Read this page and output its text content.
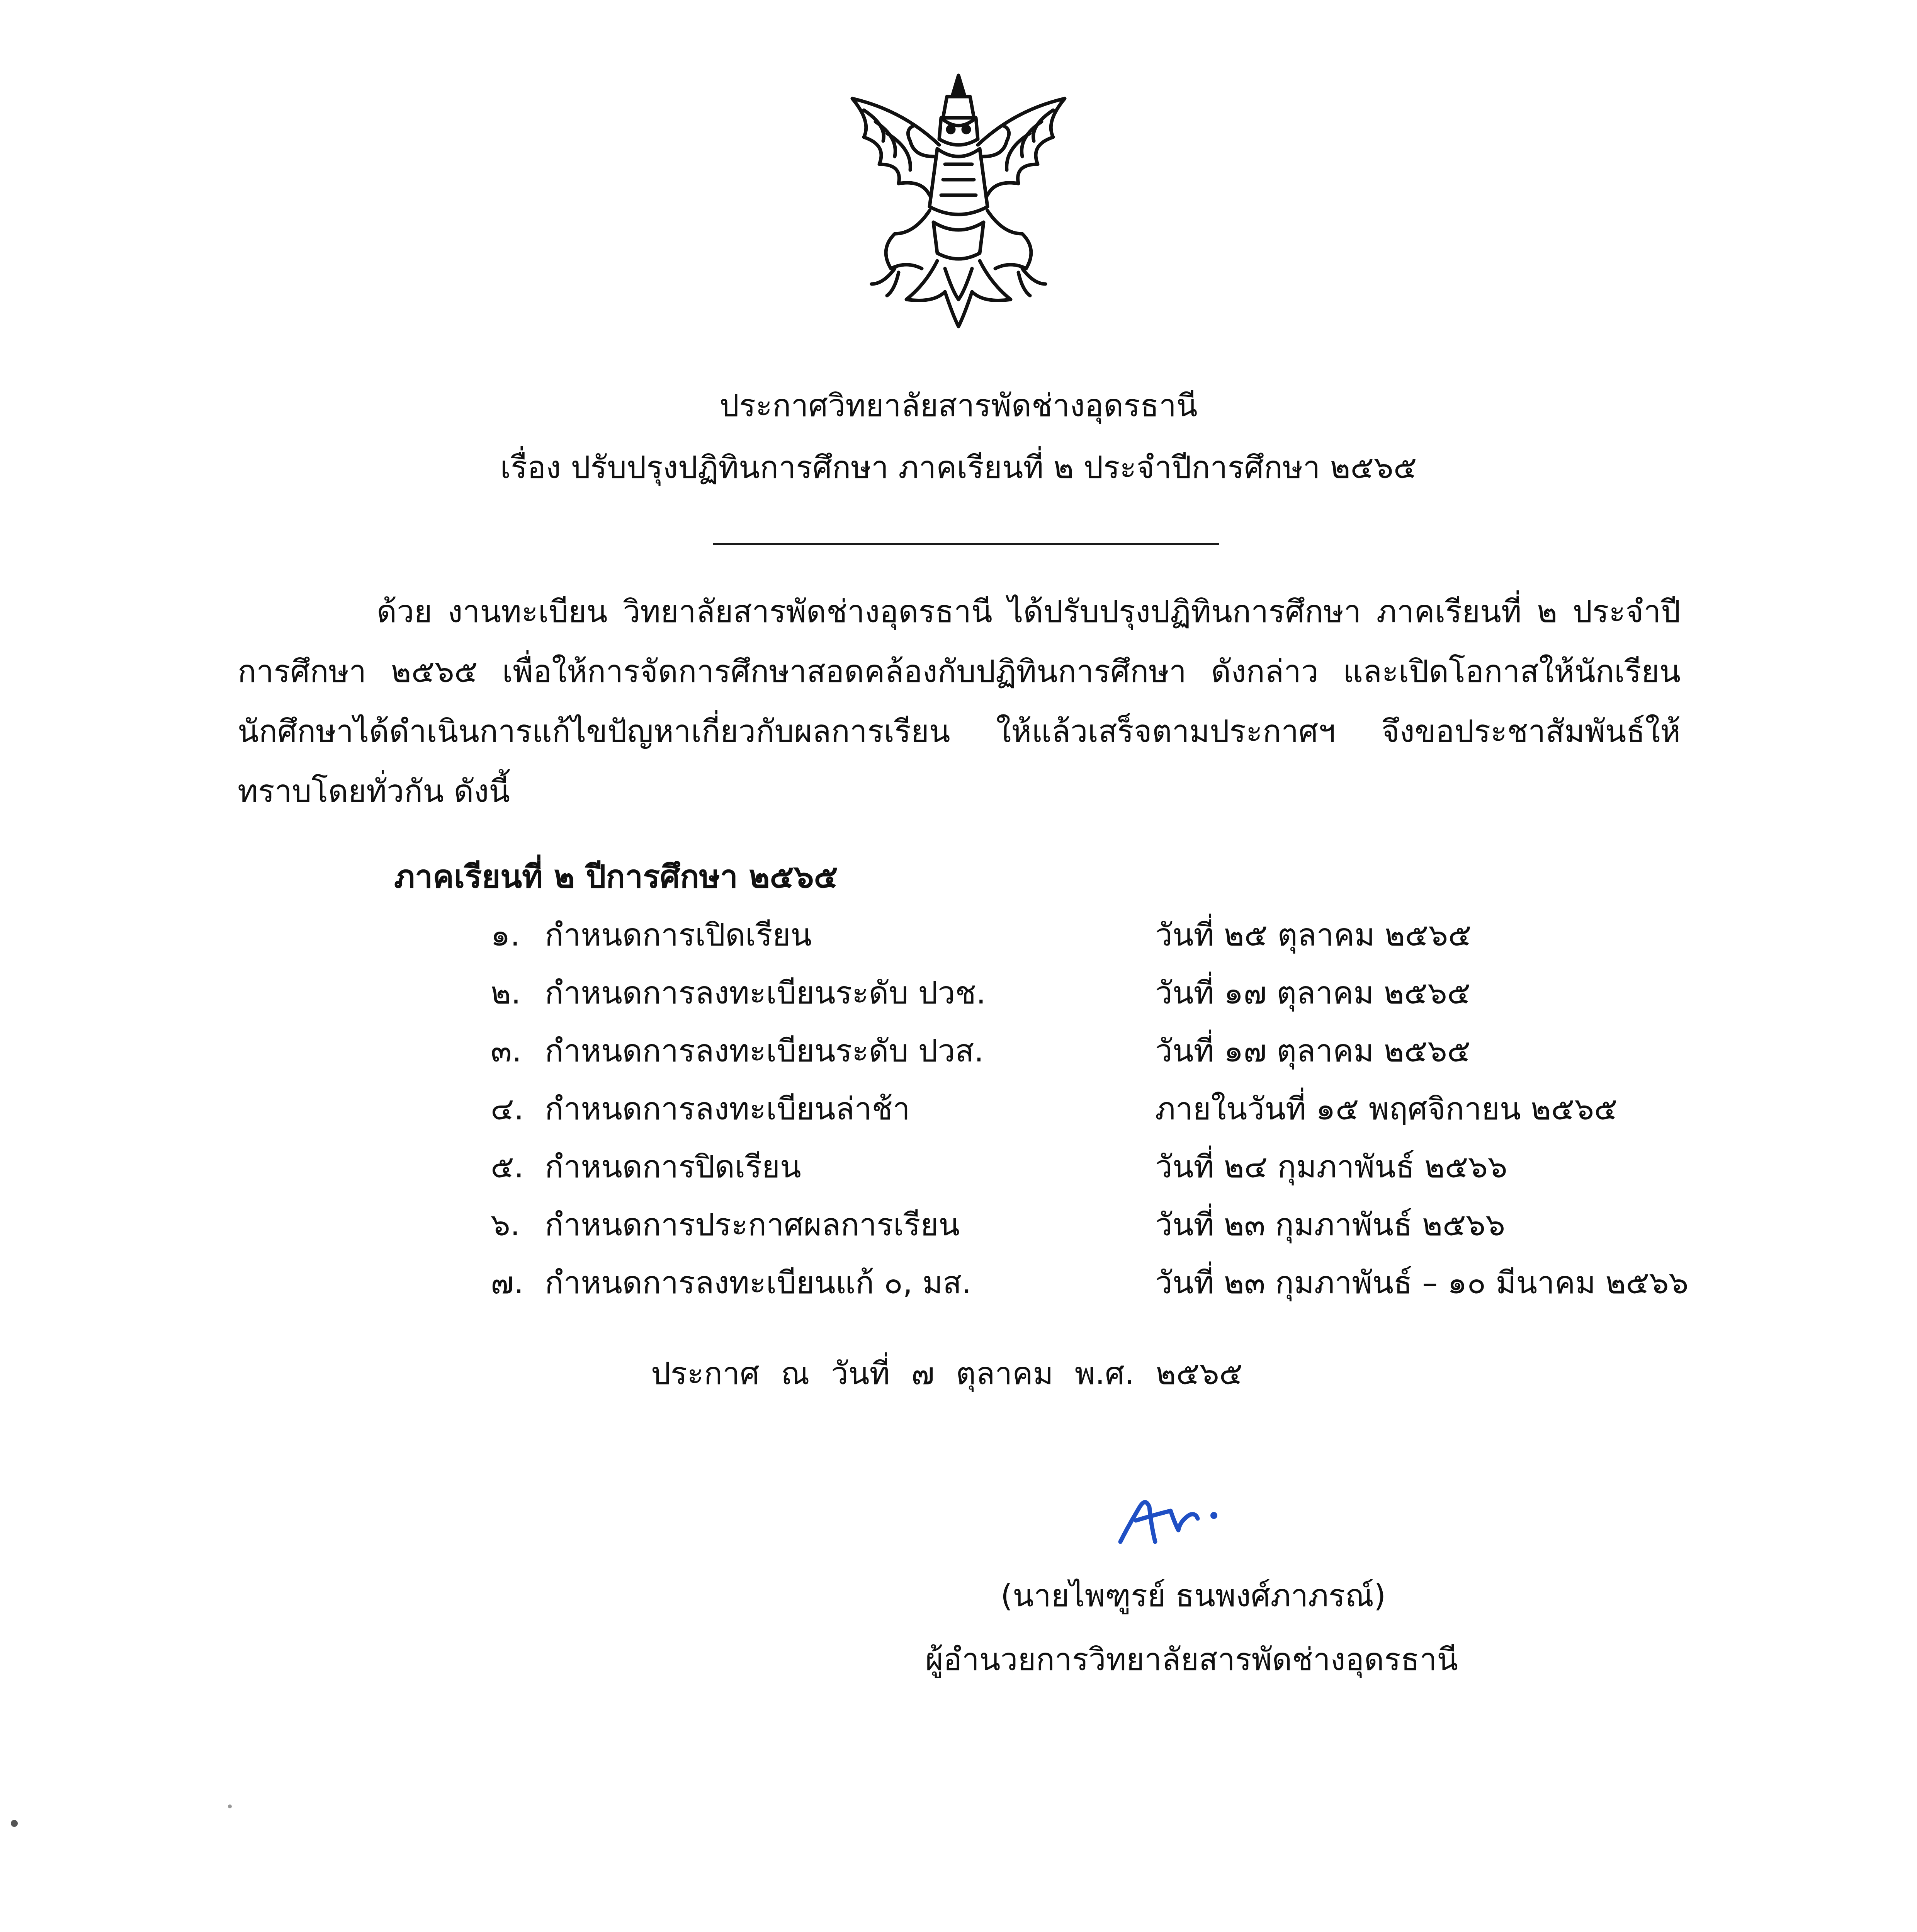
ประกาศวิทยาลัยสารพัดช่างอุดรธานี
เรื่อง ปรับปรุงปฏิทินการศึกษา ภาคเรียนที่ ๒ ประจำปีการศึกษา ๒๕๖๕
ด้วย งานทะเบียน วิทยาลัยสารพัดช่างอุดรธานี ได้ปรับปรุงปฏิทินการศึกษา ภาคเรียนที่ ๒ ประจำปีการศึกษา ๒๕๖๕ เพื่อให้การจัดการศึกษาสอดคล้องกับปฏิทินการศึกษา ดังกล่าว และเปิดโอกาสให้นักเรียนนักศึกษาได้ดำเนินการแก้ไขปัญหาเกี่ยวกับผลการเรียน ให้แล้วเสร็จตามประกาศฯ จึงขอประชาสัมพันธ์ให้ทราบโดยทั่วกัน ดังนี้
ภาคเรียนที่ ๒ ปีการศึกษา ๒๕๖๕
๑. กำหนดการเปิดเรียน	วันที่ ๒๕ ตุลาคม ๒๕๖๕
๒. กำหนดการลงทะเบียนระดับ ปวช.	วันที่ ๑๗ ตุลาคม ๒๕๖๕
๓. กำหนดการลงทะเบียนระดับ ปวส.	วันที่ ๑๗ ตุลาคม ๒๕๖๕
๔. กำหนดการลงทะเบียนล่าช้า	ภายในวันที่ ๑๕ พฤศจิกายน ๒๕๖๕
๕. กำหนดการปิดเรียน	วันที่ ๒๔ กุมภาพันธ์ ๒๕๖๖
๖. กำหนดการประกาศผลการเรียน	วันที่ ๒๓ กุมภาพันธ์ ๒๕๖๖
๗. กำหนดการลงทะเบียนแก้ ๐, มส.	วันที่ ๒๓ กุมภาพันธ์ – ๑๐ มีนาคม ๒๕๖๖
ประกาศ ณ วันที่ ๗ ตุลาคม พ.ศ. ๒๕๖๕
(นายไพฑูรย์ ธนพงศ์ภาภรณ์)
ผู้อำนวยการวิทยาลัยสารพัดช่างอุดรธานี
